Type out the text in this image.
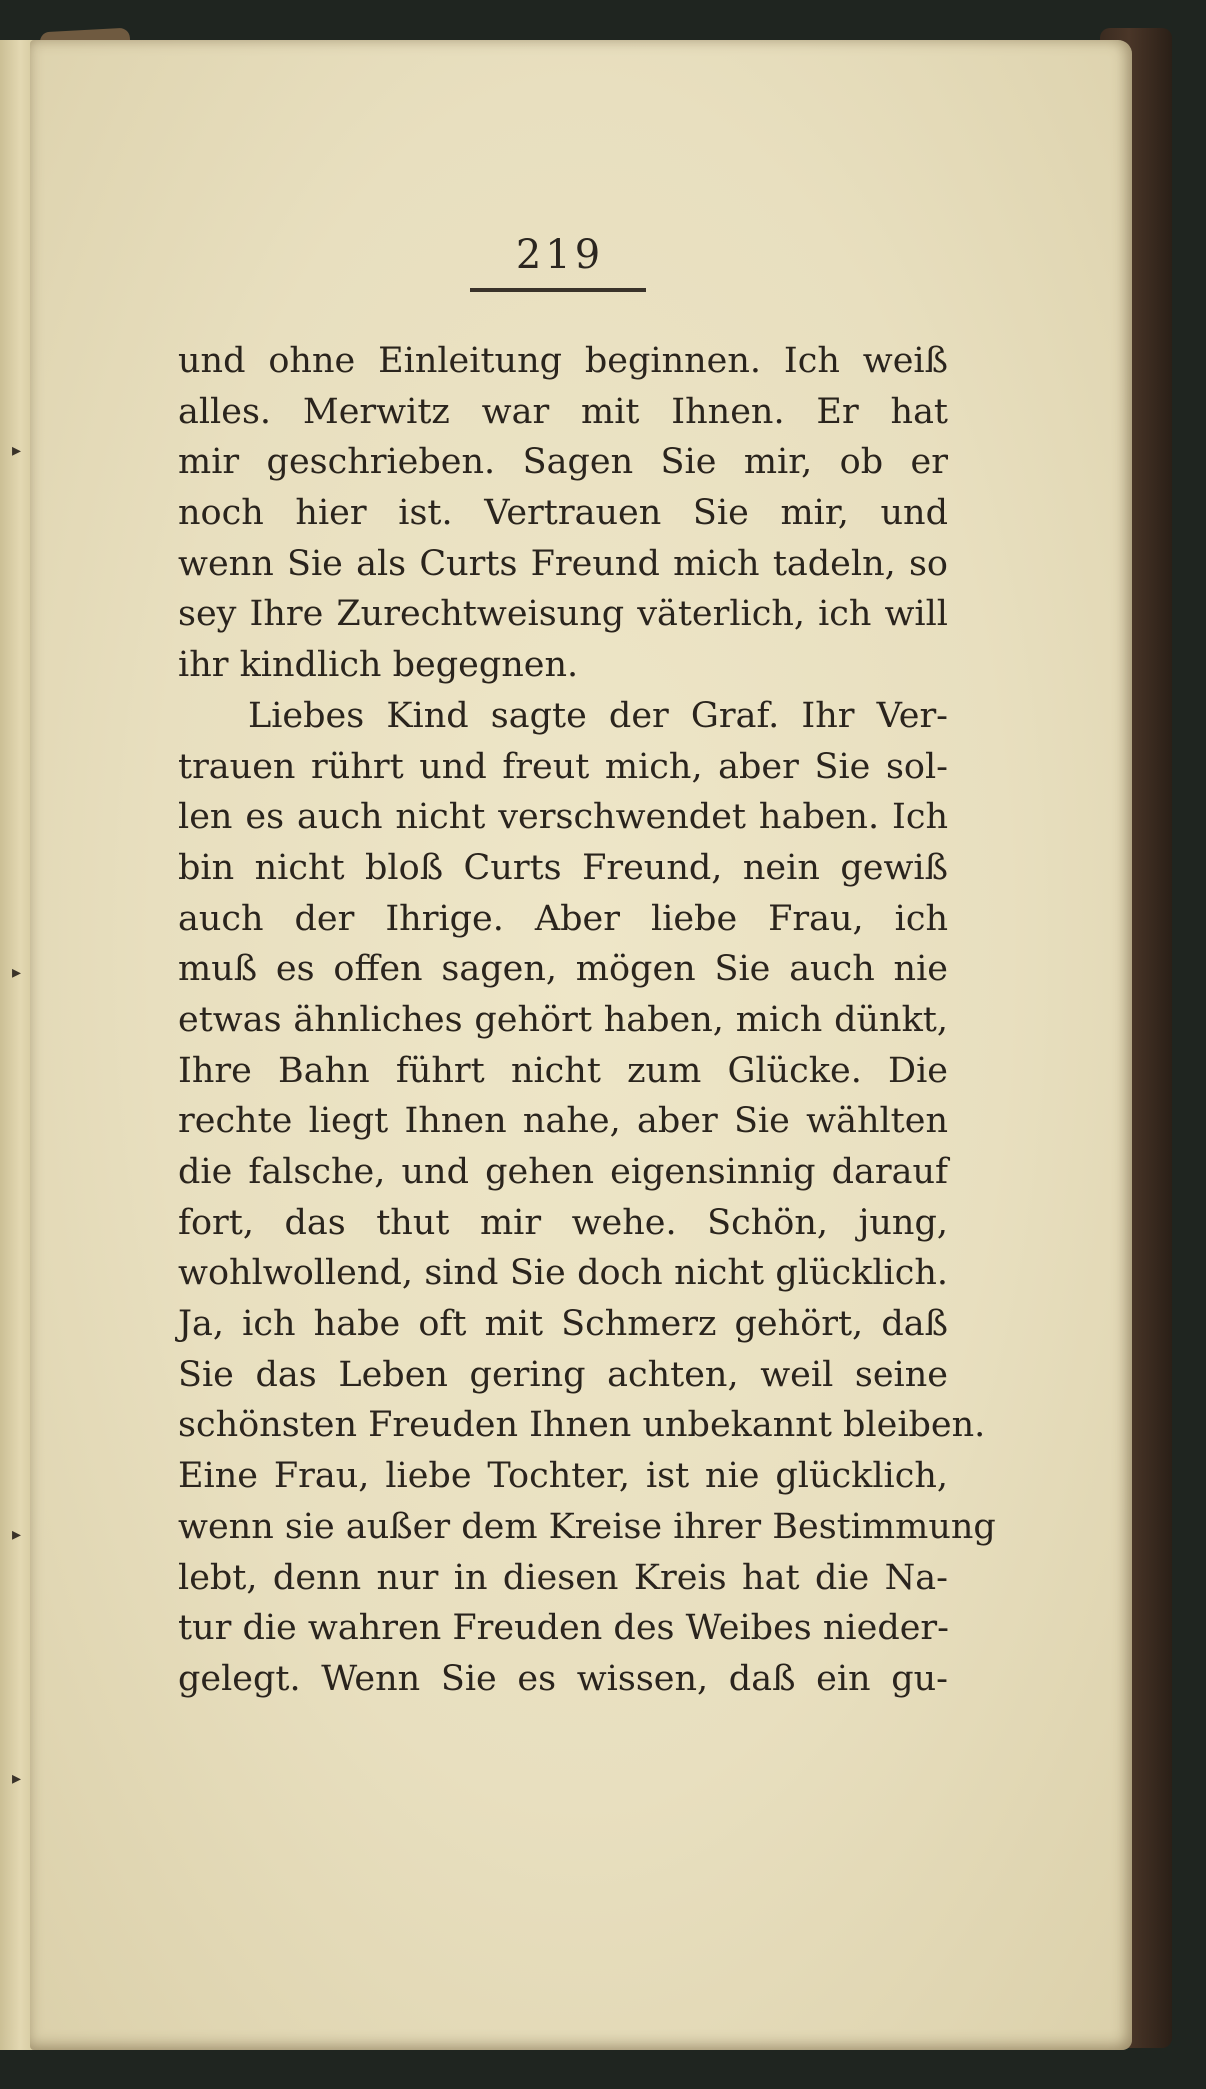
219
und ohne Einleitung beginnen. Ich weiß
alles. Merwitz war mit Ihnen. Er hat
mir geschrieben. Sagen Sie mir, ob er
noch hier ist. Vertrauen Sie mir, und
wenn Sie als Curts Freund mich tadeln, so
sey Ihre Zurechtweisung väterlich, ich will
ihr kindlich begegnen.
Liebes Kind sagte der Graf. Ihr Ver-
trauen rührt und freut mich, aber Sie sol-
len es auch nicht verschwendet haben. Ich
bin nicht bloß Curts Freund, nein gewiß
auch der Ihrige. Aber liebe Frau, ich
muß es offen sagen, mögen Sie auch nie
etwas ähnliches gehört haben, mich dünkt,
Ihre Bahn führt nicht zum Glücke. Die
rechte liegt Ihnen nahe, aber Sie wählten
die falsche, und gehen eigensinnig darauf
fort, das thut mir wehe. Schön, jung,
wohlwollend, sind Sie doch nicht glücklich.
Ja, ich habe oft mit Schmerz gehört, daß
Sie das Leben gering achten, weil seine
schönsten Freuden Ihnen unbekannt bleiben.
Eine Frau, liebe Tochter, ist nie glücklich,
wenn sie außer dem Kreise ihrer Bestimmung
lebt, denn nur in diesen Kreis hat die Na-
tur die wahren Freuden des Weibes nieder-
gelegt. Wenn Sie es wissen, daß ein gu-
▸
▸
▸
▸
